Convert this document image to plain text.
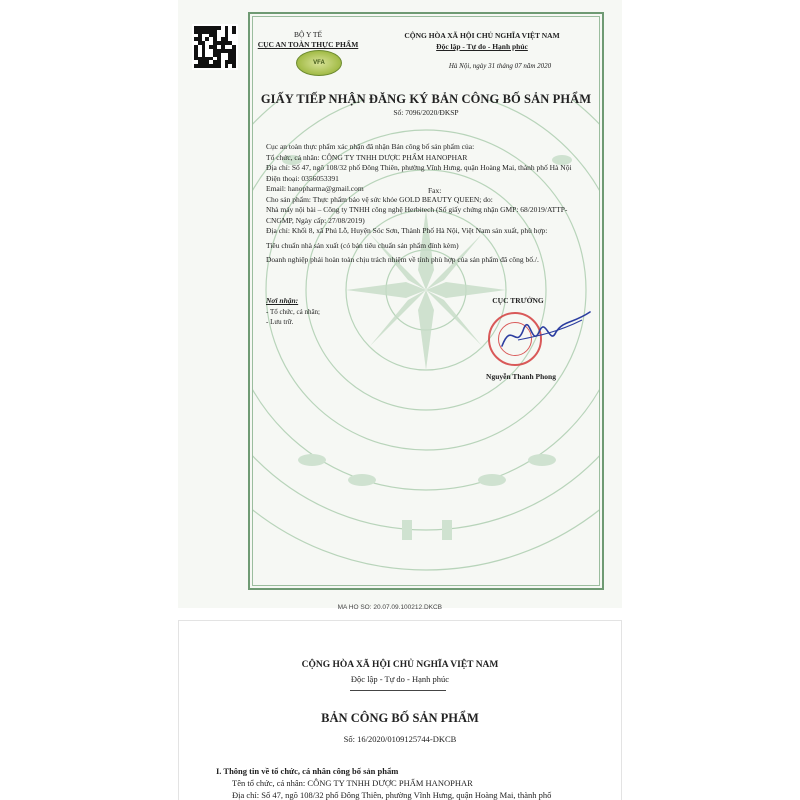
BỘ Y TẾ
CỤC AN TOÀN THỰC PHẨM
VFA
CỘNG HÒA XÃ HỘI CHỦ NGHĨA VIỆT NAM
Độc lập - Tự do - Hạnh phúc
Hà Nội, ngày 31 tháng 07 năm 2020
GIẤY TIẾP NHẬN ĐĂNG KÝ BẢN CÔNG BỐ SẢN PHẨM
Số: 7096/2020/ĐKSP
Cục an toàn thực phẩm xác nhận đã nhận Bản công bố sản phẩm của:
Tổ chức, cá nhân: CÔNG TY TNHH DƯỢC PHẨM HANOPHAR
Địa chỉ: Số 47, ngõ 108/32 phố Đông Thiên, phường Vĩnh Hưng, quận Hoàng Mai, thành phố Hà Nội
Điện thoại: 0356053391
Email: hanopharma@gmail.com
Cho sản phẩm: Thực phẩm bảo vệ sức khỏe GOLD BEAUTY QUEEN; do:
Nhà máy nội bài – Công ty TNHH công nghệ Herbitech (Số giấy chứng nhận GMP: 68/2019/ATTP-CNGMP, Ngày cấp: 27/08/2019)
Địa chỉ: Khối 8, xã Phú Lỗ, Huyện Sóc Sơn, Thành Phố Hà Nội, Việt Nam sản xuất, phù hợp:
Tiêu chuẩn nhà sản xuất (có bản tiêu chuẩn sản phẩm đính kèm)
Doanh nghiệp phải hoàn toàn chịu trách nhiệm về tính phù hợp của sản phẩm đã công bố./.
Fax:
Nơi nhận:
- Tổ chức, cá nhân;
- Lưu trữ.
CỤC TRƯỞNG
Nguyễn Thanh Phong
MA HO SO: 20.07.09.100212.DKCB
CỘNG HÒA XÃ HỘI CHỦ NGHĨA VIỆT NAM
Độc lập - Tự do - Hạnh phúc
BẢN CÔNG BỐ SẢN PHẨM
Số: 16/2020/0109125744-DKCB
I. Thông tin về tổ chức, cá nhân công bố sản phẩm
Tên tổ chức, cá nhân: CÔNG TY TNHH DƯỢC PHẨM HANOPHAR
Địa chỉ: Số 47, ngõ 108/32 phố Đông Thiên, phường Vĩnh Hưng, quận Hoàng Mai, thành phố
